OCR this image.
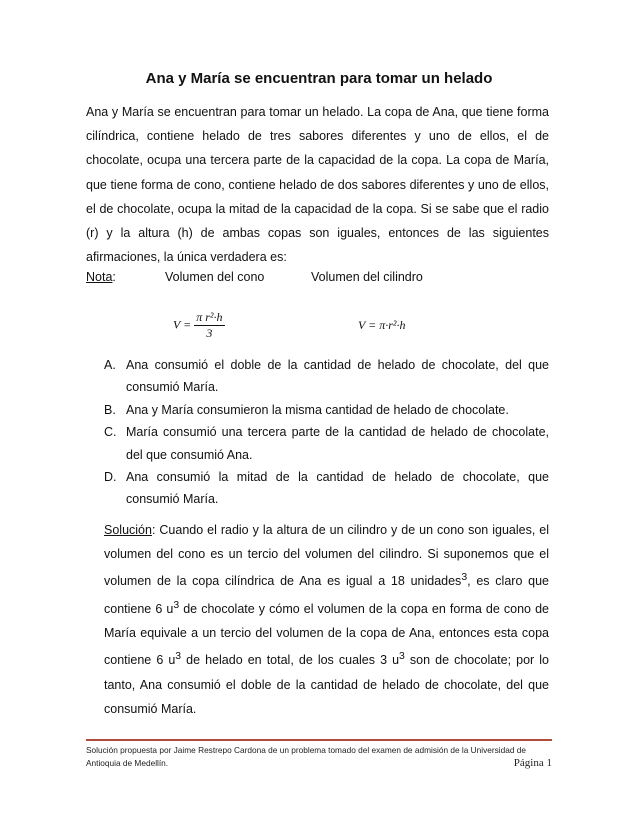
Ana y María se encuentran para tomar un helado
Ana y María se encuentran para tomar un helado. La copa de Ana, que tiene forma cilíndrica, contiene helado de tres sabores diferentes y uno de ellos, el de chocolate, ocupa una tercera parte de la capacidad de la copa. La copa de María, que tiene forma de cono, contiene helado de dos sabores diferentes y uno de ellos, el de chocolate, ocupa la mitad de la capacidad de la copa. Si se sabe que el radio (r) y la altura (h) de ambas copas son iguales, entonces de las siguientes afirmaciones, la única verdadera es:
Nota:	Volumen del cono	Volumen del cilindro
$V = \frac{\text{π r²·h}}{3}$	V = π·r²·h
A. Ana consumió el doble de la cantidad de helado de chocolate, del que consumió María.
B. Ana y María consumieron la misma cantidad de helado de chocolate.
C. María consumió una tercera parte de la cantidad de helado de chocolate, del que consumió Ana.
D. Ana consumió la mitad de la cantidad de helado de chocolate, que consumió María.
Solución: Cuando el radio y la altura de un cilindro y de un cono son iguales, el volumen del cono es un tercio del volumen del cilindro. Si suponemos que el volumen de la copa cilíndrica de Ana es igual a 18 unidades$^3$, es claro que contiene 6 $u^3$ de chocolate y cómo el volumen de la copa en forma de cono de María equivale a un tercio del volumen de la copa de Ana, entonces esta copa contiene 6 $u^3$ de helado en total, de los cuales 3 $u^3$ son de chocolate; por lo tanto, Ana consumió el doble de la cantidad de helado de chocolate, del que consumió María.
Solución propuesta por Jaime Restrepo Cardona de un problema tomado del examen de admisión de la Universidad de Antioquia de Medellín.	Página 1
